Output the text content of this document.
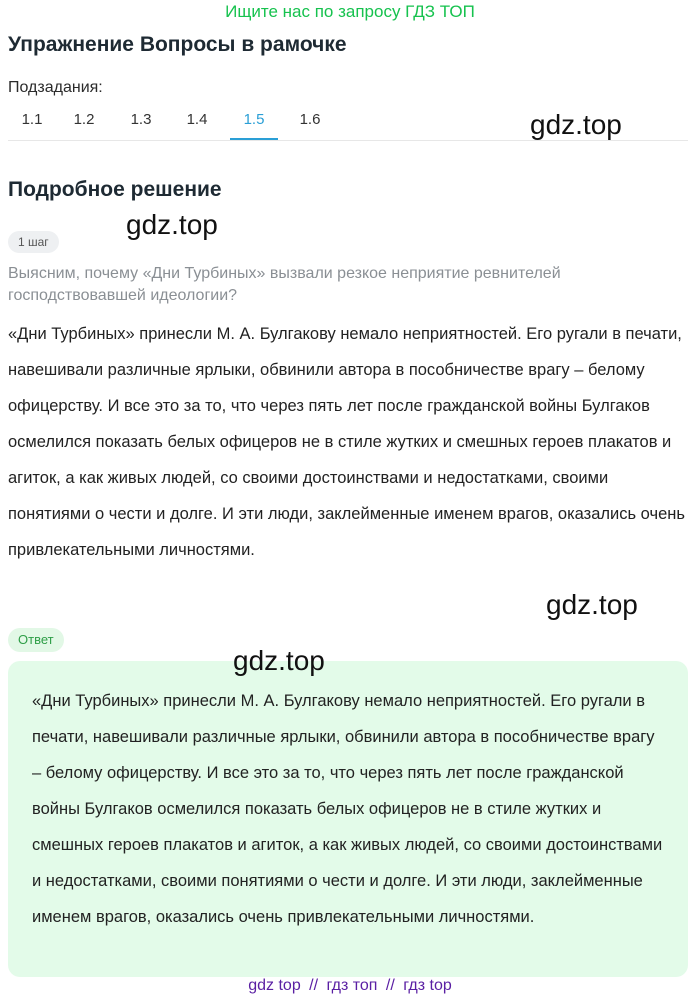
Ищите нас по запросу ГДЗ ТОП
Упражнение Вопросы в рамочке
Подзадания:
1.1	1.2	1.3	1.4	1.5	1.6	gdz.top
Подробное решение
gdz.top
1 шаг

Выясним, почему «Дни Турбиных» вызвали резкое неприятие ревнителей господствовавшей идеологии?

«Дни Турбиных» принесли М. А. Булгакову немало неприятностей. Его ругали в печати, навешивали различные ярлыки, обвинили автора в пособничестве врагу – белому офицерству. И все это за то, что через пять лет после гражданской войны Булгаков осмелился показать белых офицеров не в стиле жутких и смешных героев плакатов и агиток, а как живых людей, со своими достоинствами и недостатками, своими понятиями о чести и долге. И эти люди, заклейменные именем врагов, оказались очень привлекательными личностями.

gdz.top
Ответ

«Дни Турбиных» принесли М. А. Булгакову немало неприятностей. Его ругали в печати, навешивали различные ярлыки, обвинили автора в пособничестве врагу – белому офицерству. И все это за то, что через пять лет после гражданской войны Булгаков осмелился показать белых офицеров не в стиле жутких и смешных героев плакатов и агиток, а как живых людей, со своими достоинствами и недостатками, своими понятиями о чести и долге. И эти люди, заклейменные именем врагов, оказались очень привлекательными личностями.

gdz.top
gdz top // гдз топ // гдз top
